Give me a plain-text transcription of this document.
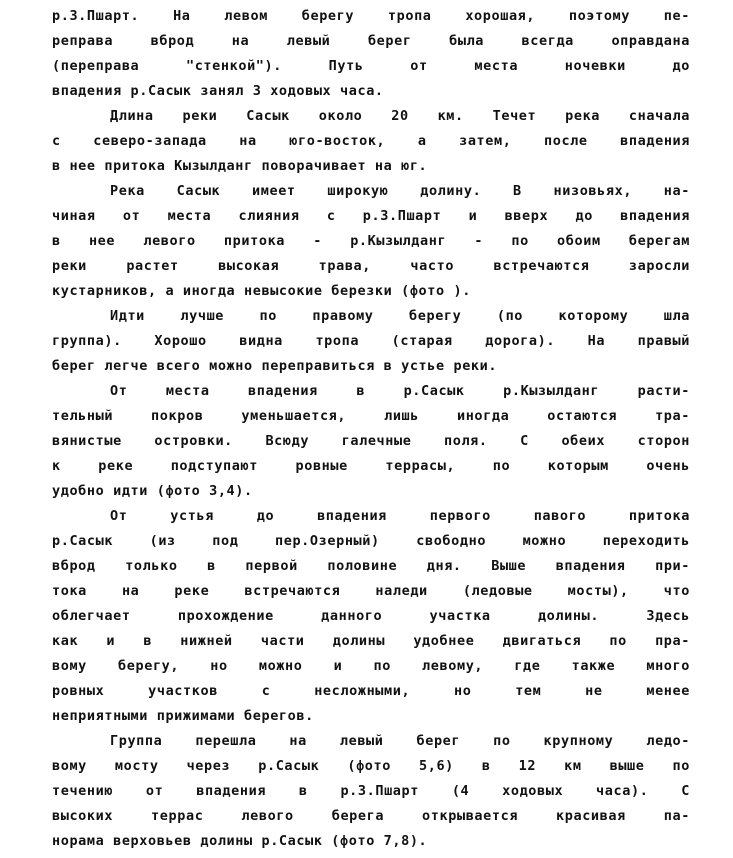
р.З.Пшарт. На левом берегу тропа хорошая, поэтому пе-
реправа вброд на левый берег была всегда оправдана
(переправа "стенкой"). Путь от места ночевки до
впадения р.Сасык занял 3 ходовых часа.
Длина реки Сасык около 20 км. Течет река сначала
с северо-запада на юго-восток, а затем, после впадения
в нее притока Кызылданг поворачивает на юг.
Река Сасык имеет широкую долину. В низовьях, на-
чиная от места слияния с р.З.Пшарт и вверх до впадения
в нее левого притока - р.Кызылданг - по обоим берегам
реки растет высокая трава, часто встречаются заросли
кустарников, а иногда невысокие березки (фото ).
Идти лучше по правому берегу (по которому шла
группа). Хорошо видна тропа (старая дорога). На правый
берег легче всего можно переправиться в устье реки.
От места впадения в р.Сасык р.Кызылданг расти-
тельный покров уменьшается, лишь иногда остаются тра-
вянистые островки. Всюду галечные поля. С обеих сторон
к реке подступают ровные террасы, по которым очень
удобно идти (фото 3,4).
От устья до впадения первого павого притока
р.Сасык (из под пер.Озерный) свободно можно переходить
вброд только в первой половине дня. Выше впадения при-
тока на реке встречаются наледи (ледовые мосты), что
облегчает прохождение данного участка долины. Здесь
как и в нижней части долины удобнее двигаться по пра-
вому берегу, но можно и по левому, где также много
ровных участков с несложными, но тем не менее
неприятными прижимами берегов.
Группа перешла на левый берег по крупному ледо-
вому мосту через р.Сасык (фото 5,6) в 12 км выше по
течению от впадения в р.З.Пшарт (4 ходовых часа). С
высоких террас левого берега открывается красивая па-
норама верховьев долины р.Сасык (фото 7,8).
